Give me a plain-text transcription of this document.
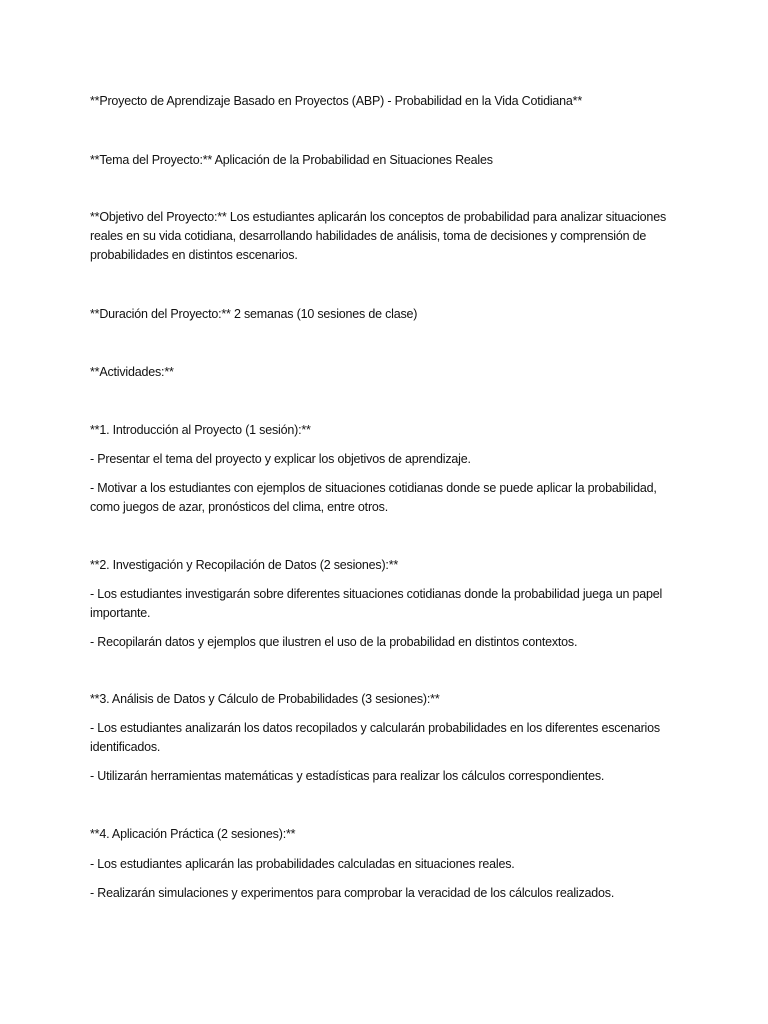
**Proyecto de Aprendizaje Basado en Proyectos (ABP) - Probabilidad en la Vida Cotidiana**

**Tema del Proyecto:** Aplicación de la Probabilidad en Situaciones Reales

**Objetivo del Proyecto:** Los estudiantes aplicarán los conceptos de probabilidad para analizar situaciones reales en su vida cotidiana, desarrollando habilidades de análisis, toma de decisiones y comprensión de probabilidades en distintos escenarios.

**Duración del Proyecto:** 2 semanas (10 sesiones de clase)

**Actividades:**

**1. Introducción al Proyecto (1 sesión):**

- Presentar el tema del proyecto y explicar los objetivos de aprendizaje.

- Motivar a los estudiantes con ejemplos de situaciones cotidianas donde se puede aplicar la probabilidad, como juegos de azar, pronósticos del clima, entre otros.

**2. Investigación y Recopilación de Datos (2 sesiones):**

- Los estudiantes investigarán sobre diferentes situaciones cotidianas donde la probabilidad juega un papel importante.

- Recopilarán datos y ejemplos que ilustren el uso de la probabilidad en distintos contextos.

**3. Análisis de Datos y Cálculo de Probabilidades (3 sesiones):**

- Los estudiantes analizarán los datos recopilados y calcularán probabilidades en los diferentes escenarios identificados.

- Utilizarán herramientas matemáticas y estadísticas para realizar los cálculos correspondientes.

**4. Aplicación Práctica (2 sesiones):**

- Los estudiantes aplicarán las probabilidades calculadas en situaciones reales.

- Realizarán simulaciones y experimentos para comprobar la veracidad de los cálculos realizados.
